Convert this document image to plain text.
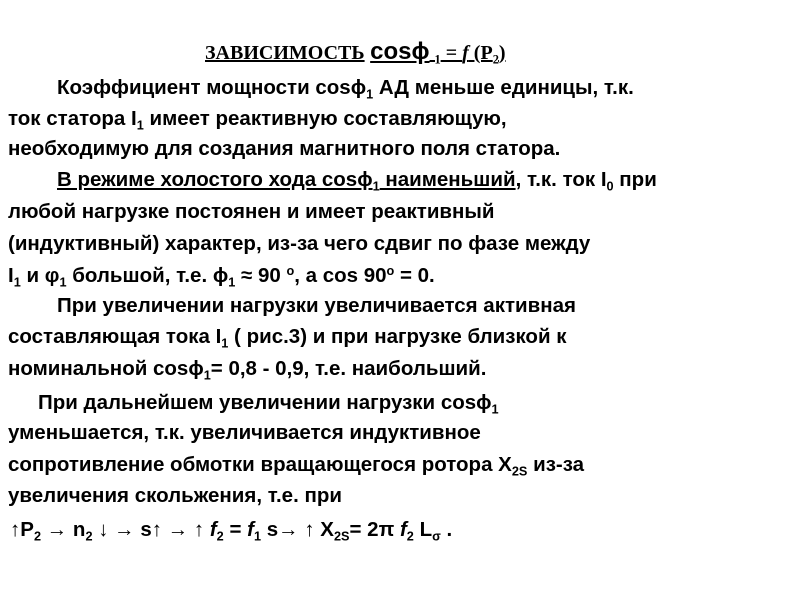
ЗАВИСИМОСТЬ cosϕ $_1$ = f $(P_2)$
Коэффициент мощности cosϕ$_1$ АД меньше единицы, т.к.
ток статора $I_1$ имеет реактивную составляющую,
необходимую для создания магнитного поля статора.
В режиме холостого хода cosϕ$_1$ наименьший, т.к. ток $I_0$ при
любой нагрузке постоянен и имеет реактивный
(индуктивный) характер, из-за чего сдвиг по фазе между
$I_1$ и $\varphi_1$ большой, т.е. $\phi_1 \approx 90$ $^о$, а $\cos 90^о = 0$.
При увеличении нагрузки увеличивается активная
составляющая тока $I_1$ ( рис.3) и при нагрузке близкой к
номинальной cosϕ$_1$= 0,8 - 0,9, т.е. наибольший.
При дальнейшем увеличении нагрузки cosϕ$_1$
уменьшается, т.к. увеличивается индуктивное
сопротивление обмотки вращающегося ротора $X_{2S}$ из-за
увеличения скольжения, т.е. при
$↑P_2 \to n_2$ ↓ → s↑ → ↑ $f_2 = f_1$ s→ ↑ $X_{2S}= 2\pi$ $f_2$ $L_\sigma$ .
